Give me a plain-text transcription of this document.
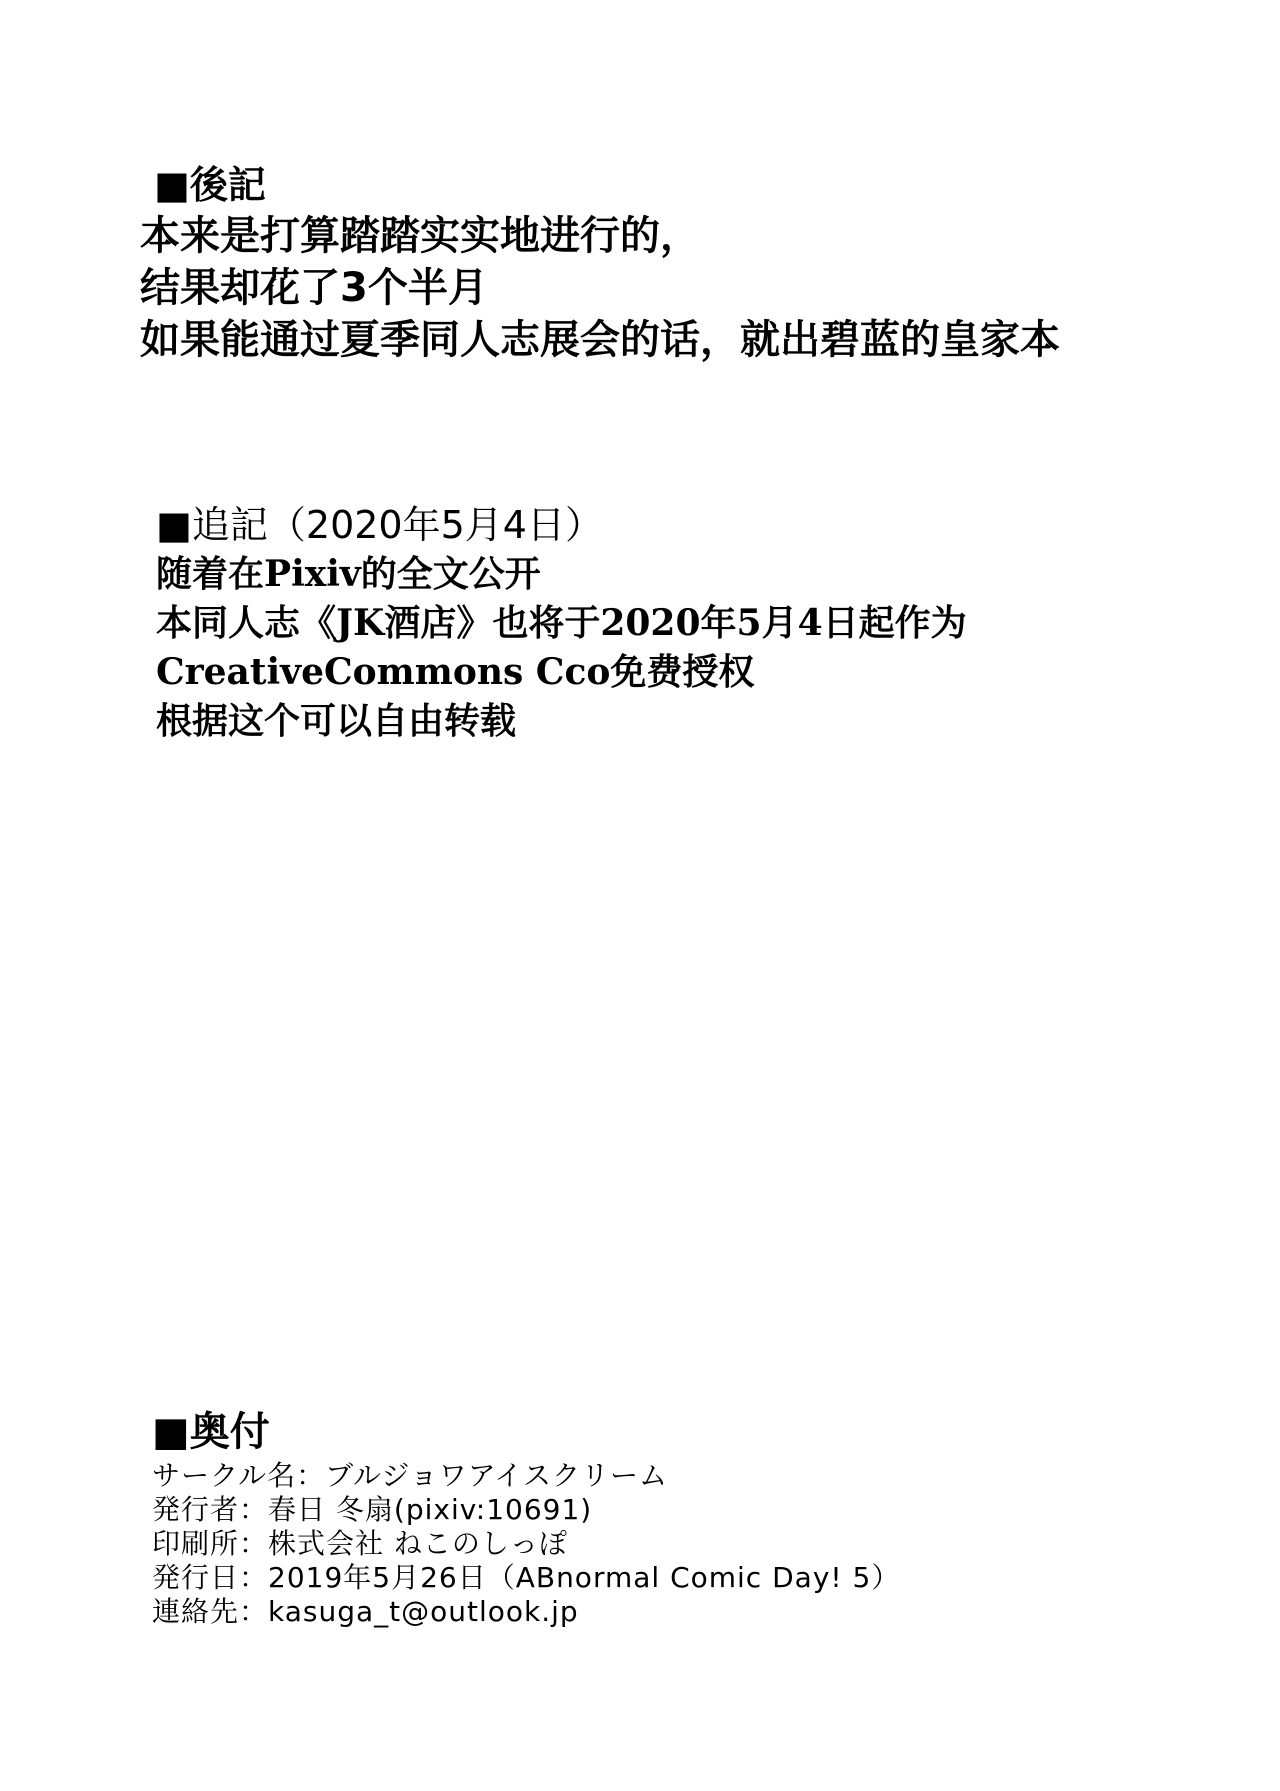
■後記
本来是打算踏踏实实地进行的，
结果却花了3个半月
如果能通过夏季同人志展会的话，就出碧蓝的皇家本
■追記（2020年5月4日）
随着在Pixiv的全文公开
本同人志《JK酒店》也将于2020年5月4日起作为
CreativeCommons Cco免费授权
根据这个可以自由转载
■奥付
サークル名：ブルジョワアイスクリーム
発行者：春日 冬扇(pixiv:10691)
印刷所：株式会社 ねこのしっぽ
発行日：2019年5月26日（ABnormal Comic Day! 5）
連絡先：kasuga_t@outlook.jp
